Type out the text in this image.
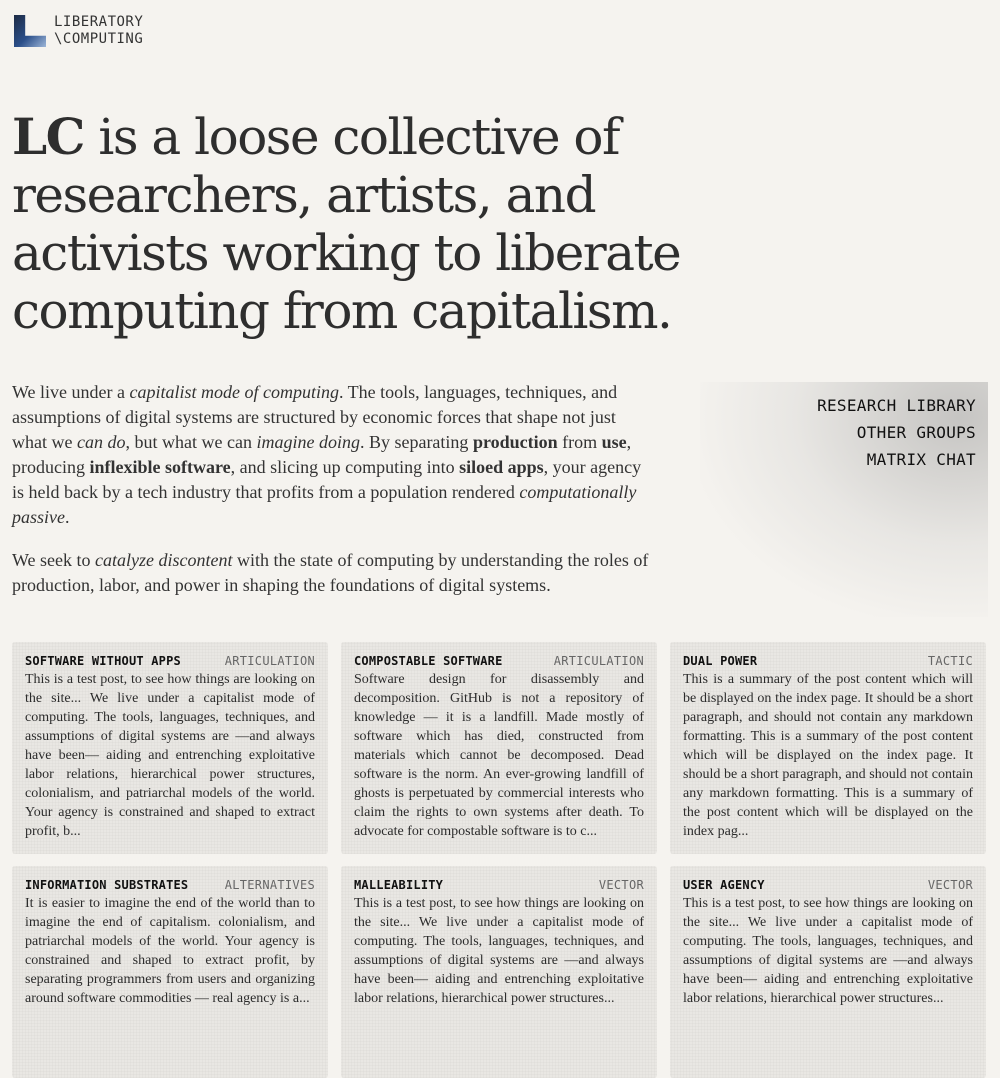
LIBERATORY
\COMPUTING
LC is a loose collective of researchers, artists, and activists working to liberate computing from capitalism.

We live under a capitalist mode of computing. The tools, languages, techniques, and assumptions of digital systems are structured by economic forces that shape not just what we can do, but what we can imagine doing. By separating production from use, producing inflexible software, and slicing up computing into siloed apps, your agency is held back by a tech industry that profits from a population rendered computationally passive.

We seek to catalyze discontent with the state of computing by understanding the roles of production, labor, and power in shaping the foundations of digital systems.

RESEARCH LIBRARY
OTHER GROUPS
MATRIX CHAT
SOFTWARE WITHOUT APPS	ARTICULATION
This is a test post, to see how things are looking on the site... We live under a capitalist mode of computing. The tools, languages, techniques, and assumptions of digital systems are —and always have been— aiding and entrenching exploitative labor relations, hierarchical power structures, colonialism, and patriarchal models of the world. Your agency is constrained and shaped to extract profit, b...
COMPOSTABLE SOFTWARE	ARTICULATION
Software design for disassembly and decomposition. GitHub is not a repository of knowledge — it is a landfill. Made mostly of software which has died, constructed from materials which cannot be decomposed. Dead software is the norm. An ever-growing landfill of ghosts is perpetuated by commercial interests who claim the rights to own systems after death. To advocate for compostable software is to c...
DUAL POWER	TACTIC
This is a summary of the post content which will be displayed on the index page. It should be a short paragraph, and should not contain any markdown formatting. This is a summary of the post content which will be displayed on the index page. It should be a short paragraph, and should not contain any markdown formatting. This is a summary of the post content which will be displayed on the index pag...
INFORMATION SUBSTRATES	ALTERNATIVES
It is easier to imagine the end of the world than to imagine the end of capitalism. colonialism, and patriarchal models of the world. Your agency is constrained and shaped to extract profit, by separating programmers from users and organizing around software commodities — real agency is a...
MALLEABILITY	VECTOR
This is a test post, to see how things are looking on the site... We live under a capitalist mode of computing. The tools, languages, techniques, and assumptions of digital systems are —and always have been— aiding and entrenching exploitative labor relations, hierarchical power structures...
USER AGENCY	VECTOR
This is a test post, to see how things are looking on the site... We live under a capitalist mode of computing. The tools, languages, techniques, and assumptions of digital systems are —and always have been— aiding and entrenching exploitative labor relations, hierarchical power structures...
